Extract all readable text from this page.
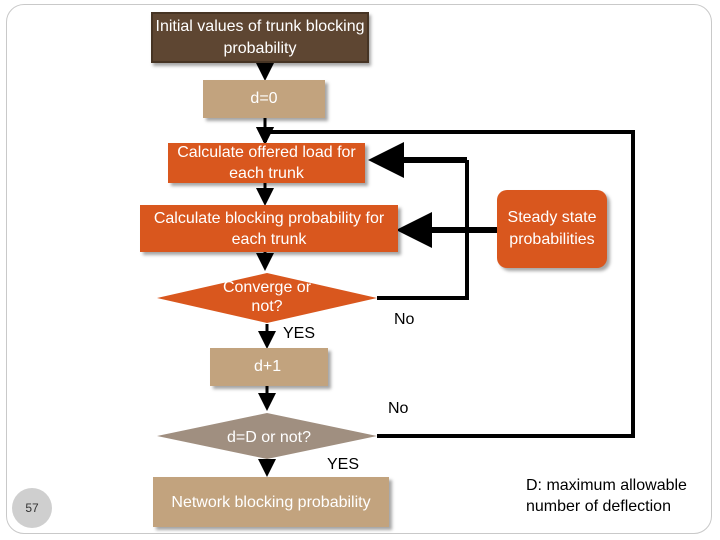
Initial values of trunk blocking probability
d=0
Calculate offered load for each trunk
Calculate blocking probability for each trunk
Steady state probabilities
Converge or not?
YES
No
d+1
No
d=D or not?
YES
Network blocking probability
57
D: maximum allowable number of deflection
